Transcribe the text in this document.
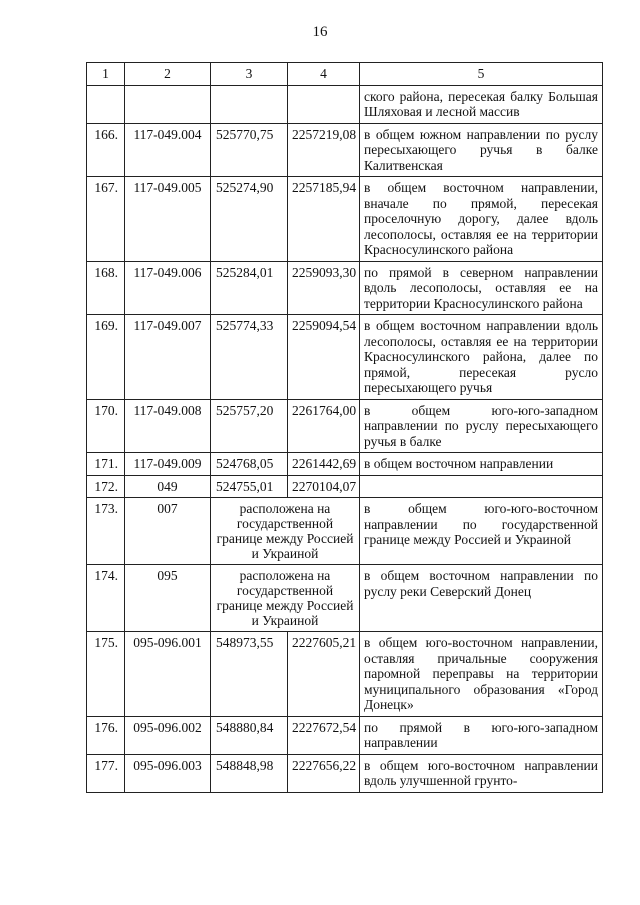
16
1	2	3	4	5
				ского района, пересекая балку Большая Шляховая и лесной массив
166.	117-049.004	525770,75	2257219,08	в общем южном направлении по руслу пересыхающего ручья в балке Калитвенская
167.	117-049.005	525274,90	2257185,94	в общем восточном направлении, вначале по прямой, пересекая проселочную дорогу, далее вдоль лесополосы, оставляя ее на территории Красносулинского района
168.	117-049.006	525284,01	2259093,30	по прямой в северном направлении вдоль лесополосы, оставляя ее на территории Красносулинского района
169.	117-049.007	525774,33	2259094,54	в общем восточном направлении вдоль лесополосы, оставляя ее на территории Красносулинского района, далее по прямой, пересекая русло пересыхающего ручья
170.	117-049.008	525757,20	2261764,00	в общем юго-юго-западном направлении по руслу пересыхающего ручья в балке
171.	117-049.009	524768,05	2261442,69	в общем восточном направлении
172.	049	524755,01	2270104,07	
173.	007	расположена на государственной границе между Россией и Украиной		в общем юго-юго-восточном направлении по государственной границе между Россией и Украиной
174.	095	расположена на государственной границе между Россией и Украиной		в общем восточном направлении по руслу реки Северский Донец
175.	095-096.001	548973,55	2227605,21	в общем юго-восточном направлении, оставляя причальные сооружения паромной переправы на территории муниципального образования «Город Донецк»
176.	095-096.002	548880,84	2227672,54	по прямой в юго-юго-западном направлении
177.	095-096.003	548848,98	2227656,22	в общем юго-восточном направлении вдоль улучшенной грунто-
